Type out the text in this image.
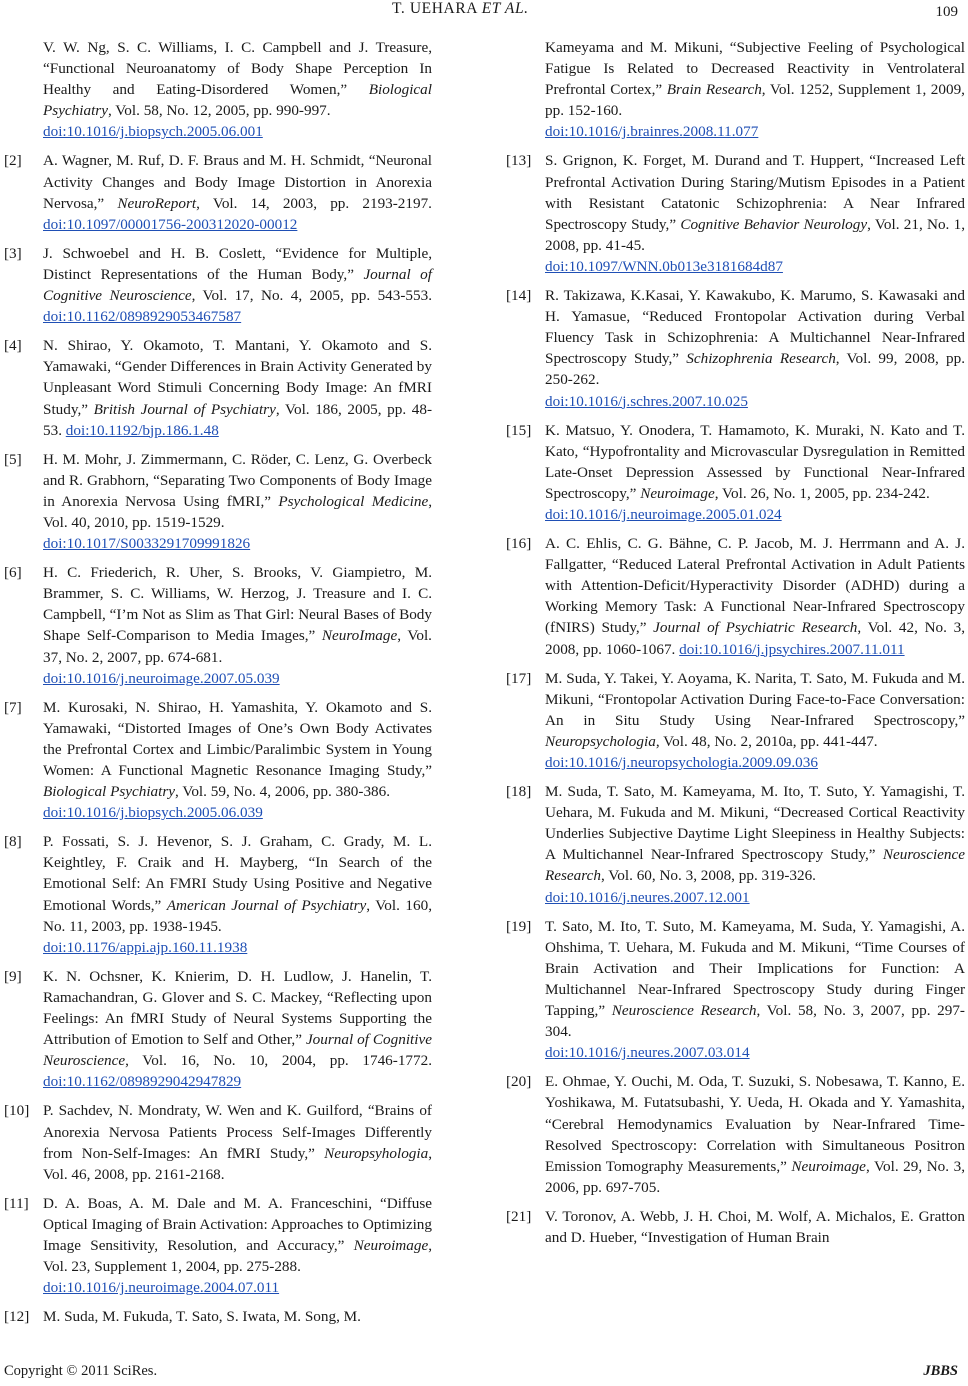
T. UEHARA ET AL.	109
V. W. Ng, S. C. Williams, I. C. Campbell and J. Treasure, “Functional Neuroanatomy of Body Shape Perception In Healthy and Eating-Disordered Women,” Biological Psychiatry, Vol. 58, No. 12, 2005, pp. 990-997.
doi:10.1016/j.biopsych.2005.06.001
[2] A. Wagner, M. Ruf, D. F. Braus and M. H. Schmidt, “Neuronal Activity Changes and Body Image Distortion in Anorexia Nervosa,” NeuroReport, Vol. 14, 2003, pp. 2193-2197. doi:10.1097/00001756-200312020-00012
[3] J. Schwoebel and H. B. Coslett, “Evidence for Multiple, Distinct Representations of the Human Body,” Journal of Cognitive Neuroscience, Vol. 17, No. 4, 2005, pp. 543-553. doi:10.1162/0898929053467587
[4] N. Shirao, Y. Okamoto, T. Mantani, Y. Okamoto and S. Yamawaki, “Gender Differences in Brain Activity Generated by Unpleasant Word Stimuli Concerning Body Image: An fMRI Study,” British Journal of Psychiatry, Vol. 186, 2005, pp. 48-53. doi:10.1192/bjp.186.1.48
[5] H. M. Mohr, J. Zimmermann, C. Röder, C. Lenz, G. Overbeck and R. Grabhorn, “Separating Two Components of Body Image in Anorexia Nervosa Using fMRI,” Psychological Medicine, Vol. 40, 2010, pp. 1519-1529.
doi:10.1017/S0033291709991826
[6] H. C. Friederich, R. Uher, S. Brooks, V. Giampietro, M. Brammer, S. C. Williams, W. Herzog, J. Treasure and I. C. Campbell, “I’m Not as Slim as That Girl: Neural Bases of Body Shape Self-Comparison to Media Images,” NeuroImage, Vol. 37, No. 2, 2007, pp. 674-681.
doi:10.1016/j.neuroimage.2007.05.039
[7] M. Kurosaki, N. Shirao, H. Yamashita, Y. Okamoto and S. Yamawaki, “Distorted Images of One’s Own Body Activates the Prefrontal Cortex and Limbic/Paralimbic System in Young Women: A Functional Magnetic Resonance Imaging Study,” Biological Psychiatry, Vol. 59, No. 4, 2006, pp. 380-386.
doi:10.1016/j.biopsych.2005.06.039
[8] P. Fossati, S. J. Hevenor, S. J. Graham, C. Grady, M. L. Keightley, F. Craik and H. Mayberg, “In Search of the Emotional Self: An FMRI Study Using Positive and Negative Emotional Words,” American Journal of Psychiatry, Vol. 160, No. 11, 2003, pp. 1938-1945.
doi:10.1176/appi.ajp.160.11.1938
[9] K. N. Ochsner, K. Knierim, D. H. Ludlow, J. Hanelin, T. Ramachandran, G. Glover and S. C. Mackey, “Reflecting upon Feelings: An fMRI Study of Neural Systems Supporting the Attribution of Emotion to Self and Other,” Journal of Cognitive Neuroscience, Vol. 16, No. 10, 2004, pp. 1746-1772. doi:10.1162/0898929042947829
[10] P. Sachdev, N. Mondraty, W. Wen and K. Guilford, “Brains of Anorexia Nervosa Patients Process Self-Images Differently from Non-Self-Images: An fMRI Study,” Neuropsyhologia, Vol. 46, 2008, pp. 2161-2168.
[11] D. A. Boas, A. M. Dale and M. A. Franceschini, “Diffuse Optical Imaging of Brain Activation: Approaches to Optimizing Image Sensitivity, Resolution, and Accuracy,” Neuroimage, Vol. 23, Supplement 1, 2004, pp. 275-288.
doi:10.1016/j.neuroimage.2004.07.011
[12] M. Suda, M. Fukuda, T. Sato, S. Iwata, M. Song, M.
Kameyama and M. Mikuni, “Subjective Feeling of Psychological Fatigue Is Related to Decreased Reactivity in Ventrolateral Prefrontal Cortex,” Brain Research, Vol. 1252, Supplement 1, 2009, pp. 152-160.
doi:10.1016/j.brainres.2008.11.077
[13] S. Grignon, K. Forget, M. Durand and T. Huppert, “Increased Left Prefrontal Activation During Staring/Mutism Episodes in a Patient with Resistant Catatonic Schizophrenia: A Near Infrared Spectroscopy Study,” Cognitive Behavior Neurology, Vol. 21, No. 1, 2008, pp. 41-45.
doi:10.1097/WNN.0b013e3181684d87
[14] R. Takizawa, K.Kasai, Y. Kawakubo, K. Marumo, S. Kawasaki and H. Yamasue, “Reduced Frontopolar Activation during Verbal Fluency Task in Schizophrenia: A Multichannel Near-Infrared Spectroscopy Study,” Schizophrenia Research, Vol. 99, 2008, pp. 250-262.
doi:10.1016/j.schres.2007.10.025
[15] K. Matsuo, Y. Onodera, T. Hamamoto, K. Muraki, N. Kato and T. Kato, “Hypofrontality and Microvascular Dysregulation in Remitted Late-Onset Depression Assessed by Functional Near-Infrared Spectroscopy,” Neuroimage, Vol. 26, No. 1, 2005, pp. 234-242.
doi:10.1016/j.neuroimage.2005.01.024
[16] A. C. Ehlis, C. G. Bähne, C. P. Jacob, M. J. Herrmann and A. J. Fallgatter, “Reduced Lateral Prefrontal Activation in Adult Patients with Attention-Deficit/Hyperactivity Disorder (ADHD) during a Working Memory Task: A Functional Near-Infrared Spectroscopy (fNIRS) Study,” Journal of Psychiatric Research, Vol. 42, No. 3, 2008, pp. 1060-1067. doi:10.1016/j.jpsychires.2007.11.011
[17] M. Suda, Y. Takei, Y. Aoyama, K. Narita, T. Sato, M. Fukuda and M. Mikuni, “Frontopolar Activation During Face-to-Face Conversation: An in Situ Study Using Near-Infrared Spectroscopy,” Neuropsychologia, Vol. 48, No. 2, 2010a, pp. 441-447.
doi:10.1016/j.neuropsychologia.2009.09.036
[18] M. Suda, T. Sato, M. Kameyama, M. Ito, T. Suto, Y. Yamagishi, T. Uehara, M. Fukuda and M. Mikuni, “Decreased Cortical Reactivity Underlies Subjective Daytime Light Sleepiness in Healthy Subjects: A Multichannel Near-Infrared Spectroscopy Study,” Neuroscience Research, Vol. 60, No. 3, 2008, pp. 319-326.
doi:10.1016/j.neures.2007.12.001
[19] T. Sato, M. Ito, T. Suto, M. Kameyama, M. Suda, Y. Yamagishi, A. Ohshima, T. Uehara, M. Fukuda and M. Mikuni, “Time Courses of Brain Activation and Their Implications for Function: A Multichannel Near-Infrared Spectroscopy Study during Finger Tapping,” Neuroscience Research, Vol. 58, No. 3, 2007, pp. 297-304.
doi:10.1016/j.neures.2007.03.014
[20] E. Ohmae, Y. Ouchi, M. Oda, T. Suzuki, S. Nobesawa, T. Kanno, E. Yoshikawa, M. Futatsubashi, Y. Ueda, H. Okada and Y. Yamashita, “Cerebral Hemodynamics Evaluation by Near-Infrared Time-Resolved Spectroscopy: Correlation with Simultaneous Positron Emission Tomography Measurements,” Neuroimage, Vol. 29, No. 3, 2006, pp. 697-705.
[21] V. Toronov, A. Webb, J. H. Choi, M. Wolf, A. Michalos, E. Gratton and D. Hueber, “Investigation of Human Brain
Copyright © 2011 SciRes.	JBBS
